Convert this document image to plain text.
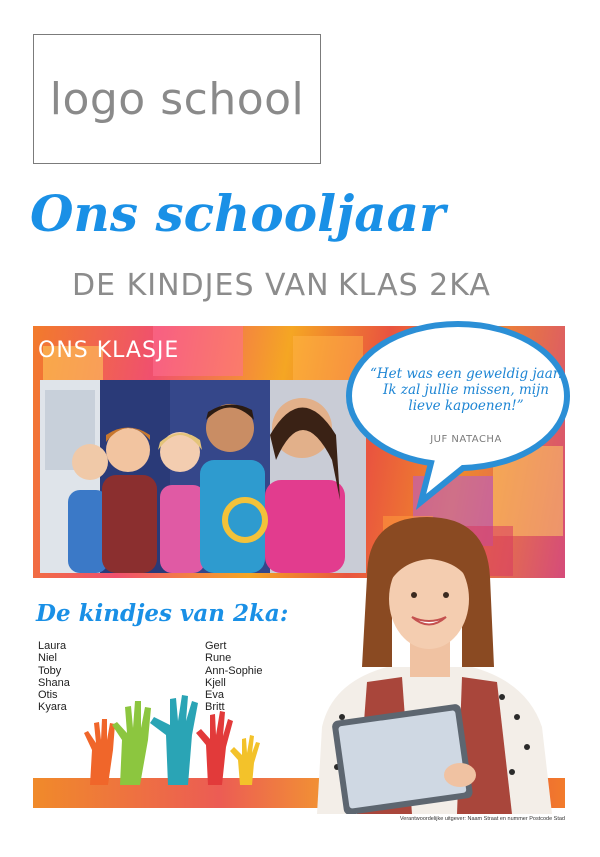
logo school
Ons schooljaar
DE KINDJES VAN KLAS 2KA
ONS KLASJE
“Het was een geweldig jaar. Ik zal jullie missen, mijn lieve kapoenen!”
JUF NATACHA
De kindjes van 2ka:
Laura
Niel
Toby
Shana
Otis
Kyara
Gert
Rune
Ann-Sophie
Kjell
Eva
Britt
Verantwoordelijke uitgever: Naam Straat en nummer Postcode Stad
